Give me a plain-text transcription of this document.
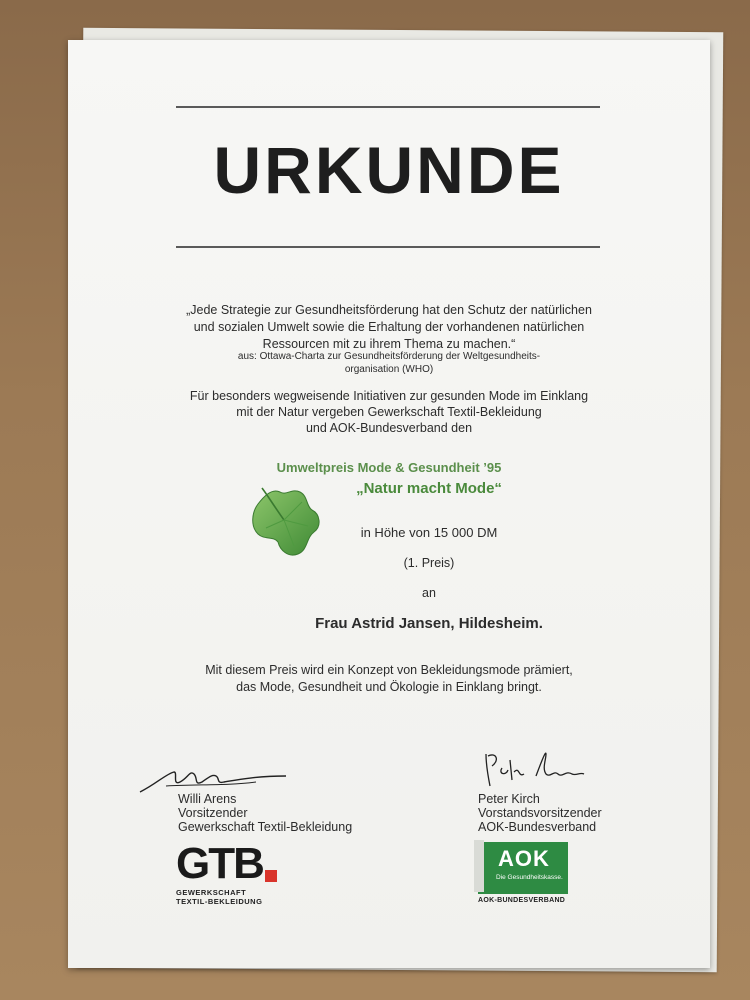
URKUNDE
„Jede Strategie zur Gesundheitsförderung hat den Schutz der natürlichen
und sozialen Umwelt sowie die Erhaltung der vorhandenen natürlichen
Ressourcen mit zu ihrem Thema zu machen.“
aus: Ottawa-Charta zur Gesundheitsförderung der Weltgesundheits-
organisation (WHO)
Für besonders wegweisende Initiativen zur gesunden Mode im Einklang
mit der Natur vergeben Gewerkschaft Textil-Bekleidung
und AOK-Bundesverband den
Umweltpreis Mode & Gesundheit ’95
„Natur macht Mode“
in Höhe von 15 000 DM
(1. Preis)
an
Frau Astrid Jansen, Hildesheim.
Mit diesem Preis wird ein Konzept von Bekleidungsmode prämiert,
das Mode, Gesundheit und Ökologie in Einklang bringt.
Willi Arens
Vorsitzender
Gewerkschaft Textil-Bekleidung
Peter Kirch
Vorstandsvorsitzender
AOK-Bundesverband
GTB
GEWERKSCHAFT
TEXTIL-BEKLEIDUNG
AOK
Die Gesundheitskasse.
AOK-BUNDESVERBAND
